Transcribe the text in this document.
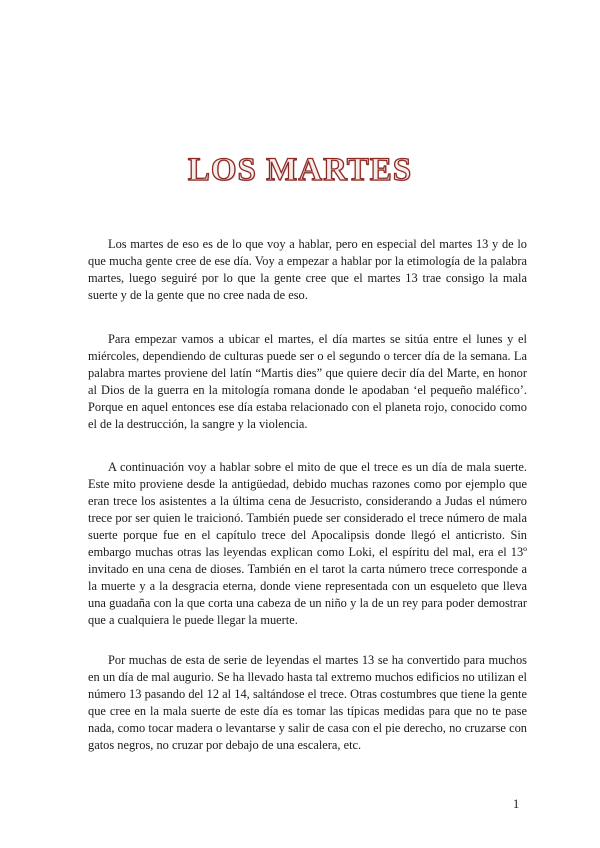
LOS MARTES

Los martes de eso es de lo que voy a hablar, pero en especial del martes 13 y de lo que mucha gente cree de ese día. Voy a empezar a hablar por la etimología de la palabra martes, luego seguiré por lo que la gente cree que el martes 13 trae consigo la mala suerte y de la gente que no cree nada de eso.

Para empezar vamos a ubicar el martes, el día martes se sitúa entre el lunes y el miércoles, dependiendo de culturas puede ser o el segundo o tercer día de la semana. La palabra martes proviene del latín “Martis dies” que quiere decir día del Marte, en honor al Dios de la guerra en la mitología romana donde le apodaban ‘el pequeño maléfico’. Porque en aquel entonces ese día estaba relacionado con el planeta rojo, conocido como el de la destrucción, la sangre y la violencia.

A continuación voy a hablar sobre el mito de que el trece es un día de mala suerte. Este mito proviene desde la antigüedad, debido muchas razones como por ejemplo que eran trece los asistentes a la última cena de Jesucristo, considerando a Judas el número trece por ser quien le traicionó. También puede ser considerado el trece número de mala suerte porque fue en el capítulo trece del Apocalipsis donde llegó el anticristo. Sin embargo muchas otras las leyendas explican como Loki, el espíritu del mal, era el 13º invitado en una cena de dioses. También en el tarot la carta número trece corresponde a la muerte y a la desgracia eterna, donde viene representada con un esqueleto que lleva una guadaña con la que corta una cabeza de un niño y la de un rey para poder demostrar que a cualquiera le puede llegar la muerte.

Por muchas de esta de serie de leyendas el martes 13 se ha convertido para muchos en un día de mal augurio. Se ha llevado hasta tal extremo muchos edificios no utilizan el número 13 pasando del 12 al 14, saltándose el trece. Otras costumbres que tiene la gente que cree en la mala suerte de este día es tomar las típicas medidas para que no te pase nada, como tocar madera o levantarse y salir de casa con el pie derecho, no cruzarse con gatos negros, no cruzar por debajo de una escalera, etc.

1
